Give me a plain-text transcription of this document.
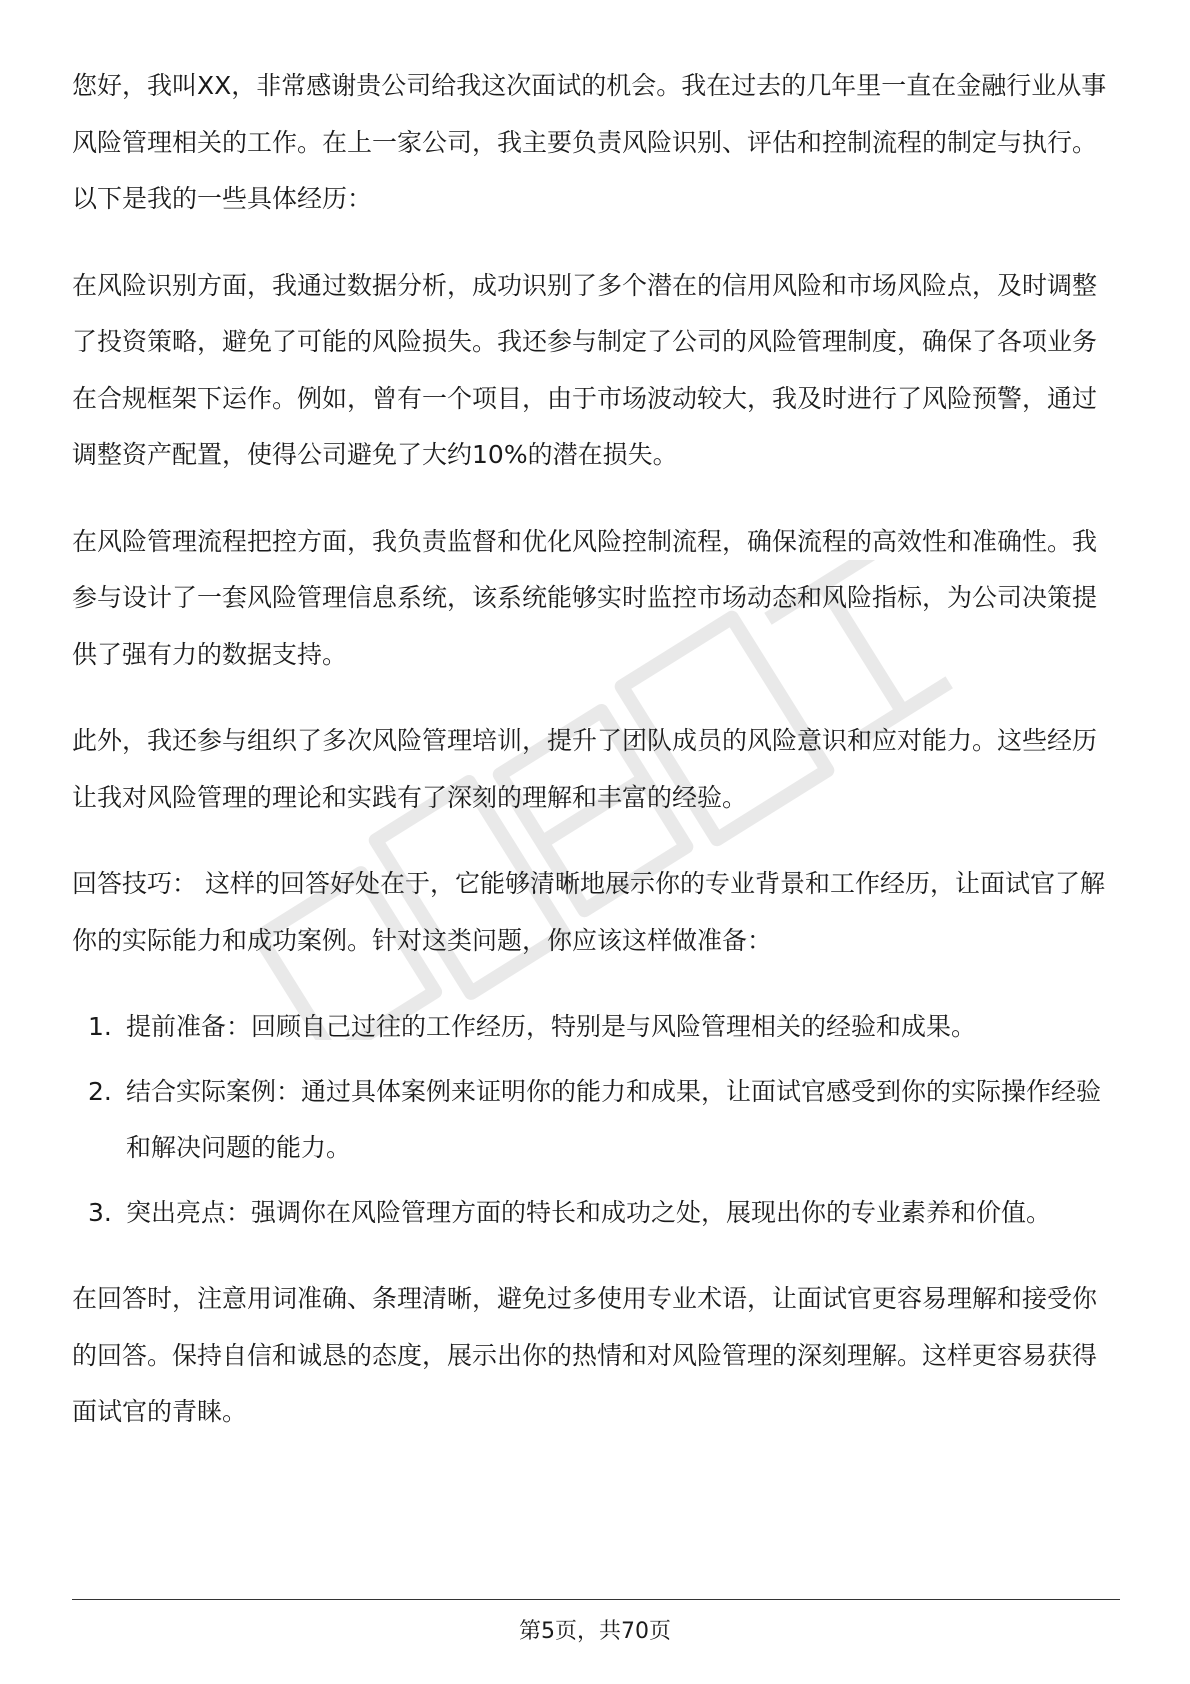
您好，我叫XX，非常感谢贵公司给我这次面试的机会。我在过去的几年里一直在金融行业从事风险管理相关的工作。在上一家公司，我主要负责风险识别、评估和控制流程的制定与执行。以下是我的一些具体经历：

在风险识别方面，我通过数据分析，成功识别了多个潜在的信用风险和市场风险点，及时调整了投资策略，避免了可能的风险损失。我还参与制定了公司的风险管理制度，确保了各项业务在合规框架下运作。例如，曾有一个项目，由于市场波动较大，我及时进行了风险预警，通过调整资产配置，使得公司避免了大约10%的潜在损失。

在风险管理流程把控方面，我负责监督和优化风险控制流程，确保流程的高效性和准确性。我参与设计了一套风险管理信息系统，该系统能够实时监控市场动态和风险指标，为公司决策提供了强有力的数据支持。

此外，我还参与组织了多次风险管理培训，提升了团队成员的风险意识和应对能力。这些经历让我对风险管理的理论和实践有了深刻的理解和丰富的经验。

回答技巧： 这样的回答好处在于，它能够清晰地展示你的专业背景和工作经历，让面试官了解你的实际能力和成功案例。针对这类问题，你应该这样做准备：

1. 提前准备：回顾自己过往的工作经历，特别是与风险管理相关的经验和成果。
2. 结合实际案例：通过具体案例来证明你的能力和成果，让面试官感受到你的实际操作经验和解决问题的能力。
3. 突出亮点：强调你在风险管理方面的特长和成功之处，展现出你的专业素养和价值。

在回答时，注意用词准确、条理清晰，避免过多使用专业术语，让面试官更容易理解和接受你的回答。保持自信和诚恳的态度，展示出你的热情和对风险管理的深刻理解。这样更容易获得面试官的青睐。

第5页，共70页
